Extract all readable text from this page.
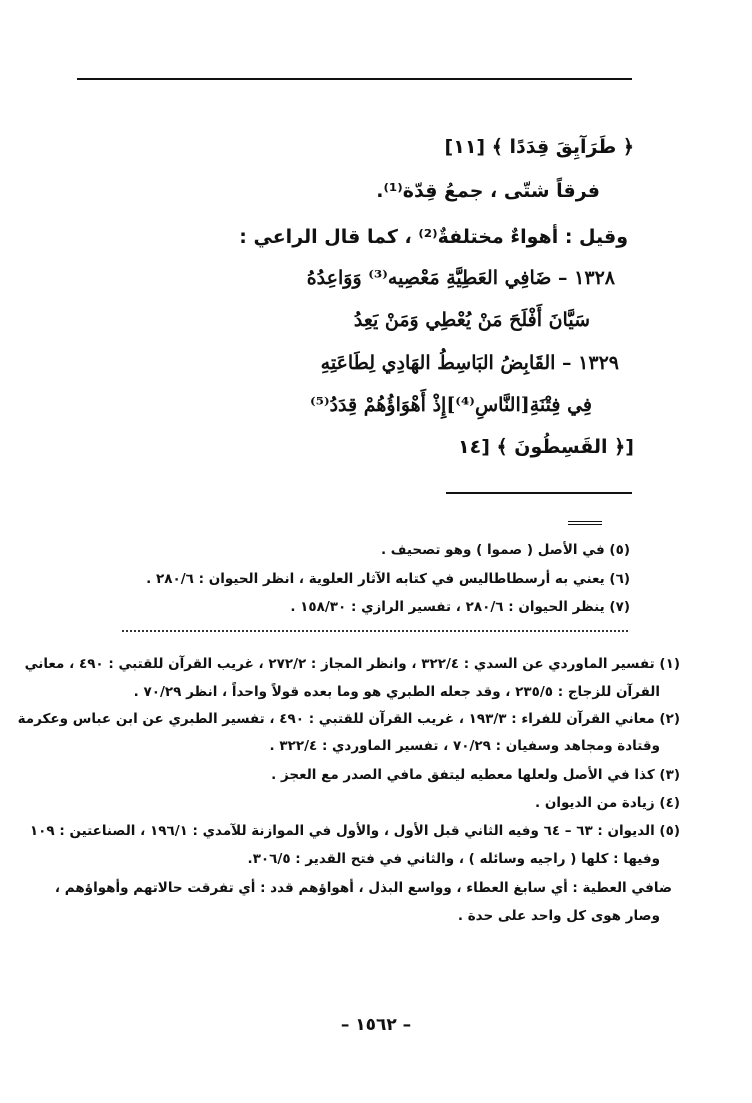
﴿ طَرَآيِقَ قِدَدًا ﴾ [١١]
فرقاً شتّى ، جمعُ قِدّة⁽¹⁾.
وقيل : أهواءٌ مختلفةٌ⁽²⁾ ، كما قال الراعي :
١٣٢٨ – ضَافِي العَطِيَّةِ مَعْصِيه⁽³⁾ وَوَاعِدُهُ
سَيَّانَ أَفْلَحَ مَنْ يُعْطِي وَمَنْ يَعِدُ
١٣٢٩ – القَابِضُ البَاسِطُ الهَادِي لِطَاعَتِهِ
فِي فِتْنَةِ[النَّاسِ⁽⁴⁾]إِذْ أَهْوَاؤُهُمْ قِدَدُ⁽⁵⁾
[﴿ القَسِطُونَ ﴾ [١٤
(٥) في الأصل ( صموا ) وهو تصحيف .
(٦) يعني به أرسطاطاليس في كتابه الآثار العلوية ، انظر الحيوان : ٢٨٠/٦ .
(٧) ينظر الحيوان : ٢٨٠/٦ ، تفسير الرازي : ١٥٨/٣٠ .
(١) تفسير الماوردي عن السدي : ٣٢٢/٤ ، وانظر المجاز : ٢٧٢/٢ ، غريب القرآن للقتبي : ٤٩٠ ، معاني
القرآن للزجاج : ٢٣٥/٥ ، وقد جعله الطبري هو وما بعده قولاً واحداً ، انظر ٧٠/٢٩ .
(٢) معاني القرآن للفراء : ١٩٣/٣ ، غريب القرآن للقتبي : ٤٩٠ ، تفسير الطبري عن ابن عباس وعكرمة
وقتادة ومجاهد وسفيان : ٧٠/٢٩ ، تفسير الماوردي : ٣٢٢/٤ .
(٣) كذا في الأصل ولعلها معطيه ليتفق مافي الصدر مع العجز .
(٤) زيادة من الديوان .
(٥) الديوان : ٦٣ – ٦٤ وفيه الثاني قبل الأول ، والأول في الموازنة للآمدي : ١٩٦/١ ، الصناعتين : ١٠٩
وفيها : كلها ( راجيه وسائله ) ، والثاني في فتح القدير : ٣٠٦/٥.
ضافي العطية : أي سابغ العطاء ، وواسع البذل ، أهواؤهم قدد : أي تفرقت حالاتهم وأهواؤهم ،
وصار هوى كل واحد على حدة .
– ١٥٦٢ –
